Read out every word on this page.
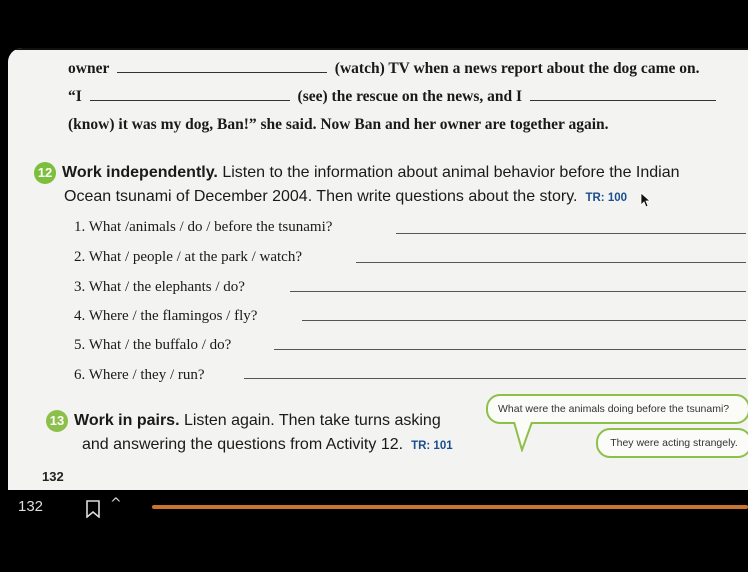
owner	(watch) TV when a news report about the dog came on.
“I	(see) the rescue on the news, and I
(know) it was my dog, Ban!” she said. Now Ban and her owner are together again.
12 Work independently. Listen to the information about animal behavior before the Indian
Ocean tsunami of December 2004. Then write questions about the story. TR: 100
1. What /animals / do / before the tsunami?
2. What / people / at the park / watch?
3. What / the elephants / do?
4. Where / the flamingos / fly?
5. What / the buffalo / do?
6. Where / they / run?
13 Work in pairs. Listen again. Then take turns asking
and answering the questions from Activity 12. TR: 101
What were the animals doing before the tsunami?
They were acting strangely.
132
132	^
